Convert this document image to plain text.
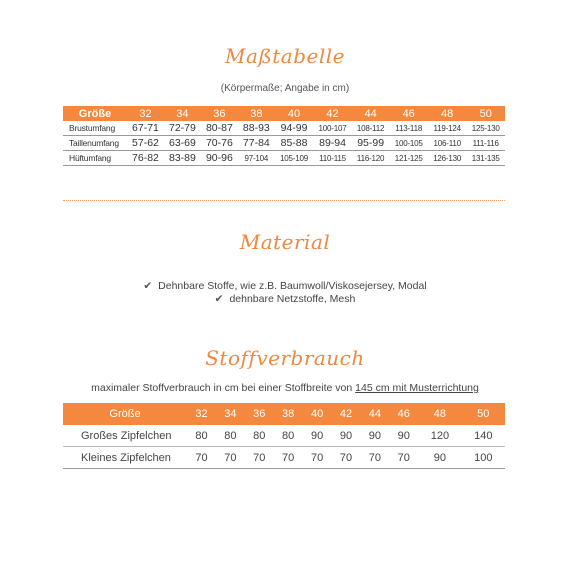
Maßtabelle
(Körpermaße; Angabe in cm)
Größe	32	34	36	38	40	42	44	46	48	50
Brustumfang	67-71	72-79	80-87	88-93	94-99	100-107	108-112	113-118	119-124	125-130
Taillenumfang	57-62	63-69	70-76	77-84	85-88	89-94	95-99	100-105	106-110	111-116
Hüftumfang	76-82	83-89	90-96	97-104	105-109	110-115	116-120	121-125	126-130	131-135
Material
✔ Dehnbare Stoffe, wie z.B. Baumwoll/Viskosejersey, Modal
✔ dehnbare Netzstoffe, Mesh
Stoffverbrauch
maximaler Stoffverbrauch in cm bei einer Stoffbreite von 145 cm mit Musterrichtung
Größe	32	34	36	38	40	42	44	46	48	50
Großes Zipfelchen	80	80	80	80	90	90	90	90	120	140
Kleines Zipfelchen	70	70	70	70	70	70	70	70	90	100
